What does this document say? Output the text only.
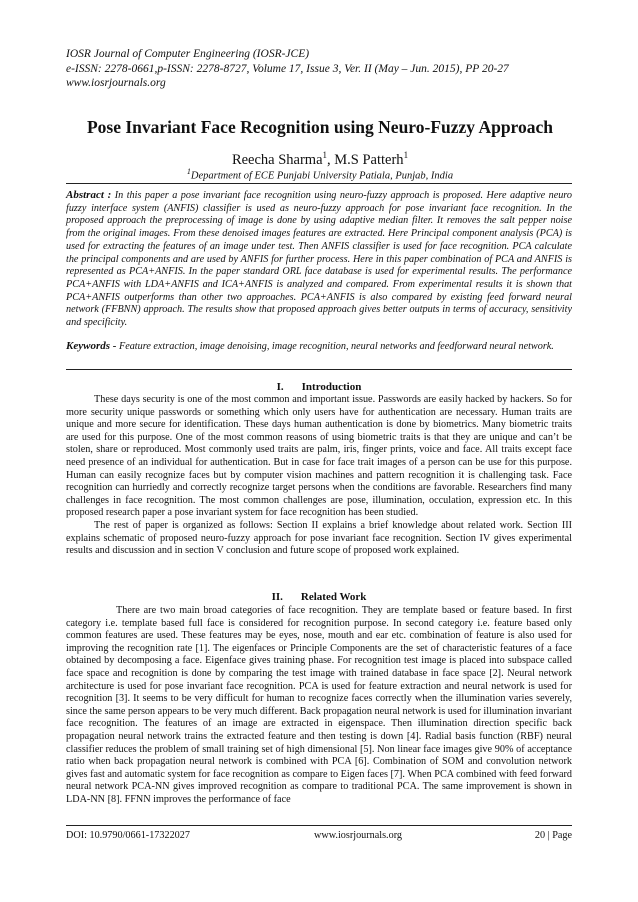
IOSR Journal of Computer Engineering (IOSR-JCE)
e-ISSN: 2278-0661,p-ISSN: 2278-8727, Volume 17, Issue 3, Ver. II (May – Jun. 2015), PP 20-27
www.iosrjournals.org
Pose Invariant Face Recognition using Neuro-Fuzzy Approach
Reecha Sharma$^1$, M.S Patterh$^1$
$^1$Department of ECE Punjabi University Patiala, Punjab, India
Abstract : In this paper a pose invariant face recognition using neuro-fuzzy approach is proposed. Here adaptive neuro fuzzy interface system (ANFIS) classifier is used as neuro-fuzzy approach for pose invariant face recognition. In the proposed approach the preprocessing of image is done by using adaptive median filter. It removes the salt pepper noise from the original images. From these denoised images features are extracted. Here Principal component analysis (PCA) is used for extracting the features of an image under test. Then ANFIS classifier is used for face recognition. PCA calculate the principal components and are used by ANFIS for further process. Here in this paper combination of PCA and ANFIS is represented as PCA+ANFIS. In the paper standard ORL face database is used for experimental results. The performance PCA+ANFIS with LDA+ANFIS and ICA+ANFIS is analyzed and compared. From experimental results it is shown that PCA+ANFIS outperforms than other two approaches. PCA+ANFIS is also compared by existing feed forward neural network (FFBNN) approach. The results show that proposed approach gives better outputs in terms of accuracy, sensitivity and specificity.
Keywords - Feature extraction, image denoising, image recognition, neural networks and feedforward neural network.
I. Introduction

These days security is one of the most common and important issue. Passwords are easily hacked by hackers. So for more security unique passwords or something which only users have for authentication are necessary. Human traits are unique and more secure for identification. These days human authentication is done by biometrics. Many biometric traits are used for this purpose. One of the most common reasons of using biometric traits is that they are unique and can’t be stolen, share or reproduced. Most commonly used traits are palm, iris, finger prints, voice and face. All traits except face need presence of an individual for authentication. But in case for face trait images of a person can be use for this purpose. Human can easily recognize faces but by computer vision machines and pattern recognition it is challenging task. Face recognition can hurriedly and correctly recognize target persons when the conditions are favorable. Researchers find many challenges in face recognition. The most common challenges are pose, illumination, occulation, expression etc. In this proposed research paper a pose invariant system for face recognition has been studied.

The rest of paper is organized as follows: Section II explains a brief knowledge about related work. Section III explains schematic of proposed neuro-fuzzy approach for pose invariant face recognition. Section IV gives experimental results and discussion and in section V conclusion and future scope of proposed work explained.

II. Related Work

There are two main broad categories of face recognition. They are template based or feature based. In first category i.e. template based full face is considered for recognition purpose. In second category i.e. feature based only common features are used. These features may be eyes, nose, mouth and ear etc. combination of feature is also used for improving the recognition rate [1]. The eigenfaces or Principle Components are the set of characteristic features of a face obtained by decomposing a face. Eigenface gives training phase. For recognition test image is placed into subspace called face space and recognition is done by comparing the test image with trained database in face space [2]. Neural network architecture is used for pose invariant face recognition. PCA is used for feature extraction and neural network is used for recognition [3]. It seems to be very difficult for human to recognize faces correctly when the illumination varies severely, since the same person appears to be very much different. Back propagation neural network is used for illumination invariant face recognition. The features of an image are extracted in eigenspace. Then illumination direction specific back propagation neural network trains the extracted feature and then testing is down [4]. Radial basis function (RBF) neural classifier reduces the problem of small training set of high dimensional [5]. Non linear face images give 90% of acceptance ratio when back propagation neural network is combined with PCA [6]. Combination of SOM and convolution network gives fast and automatic system for face recognition as compare to Eigen faces [7]. When PCA combined with feed forward neural network PCA-NN gives improved recognition as compare to traditional PCA. The same improvement is shown in LDA-NN [8]. FFNN improves the performance of face

DOI: 10.9790/0661-17322027	www.iosrjournals.org	20 | Page
